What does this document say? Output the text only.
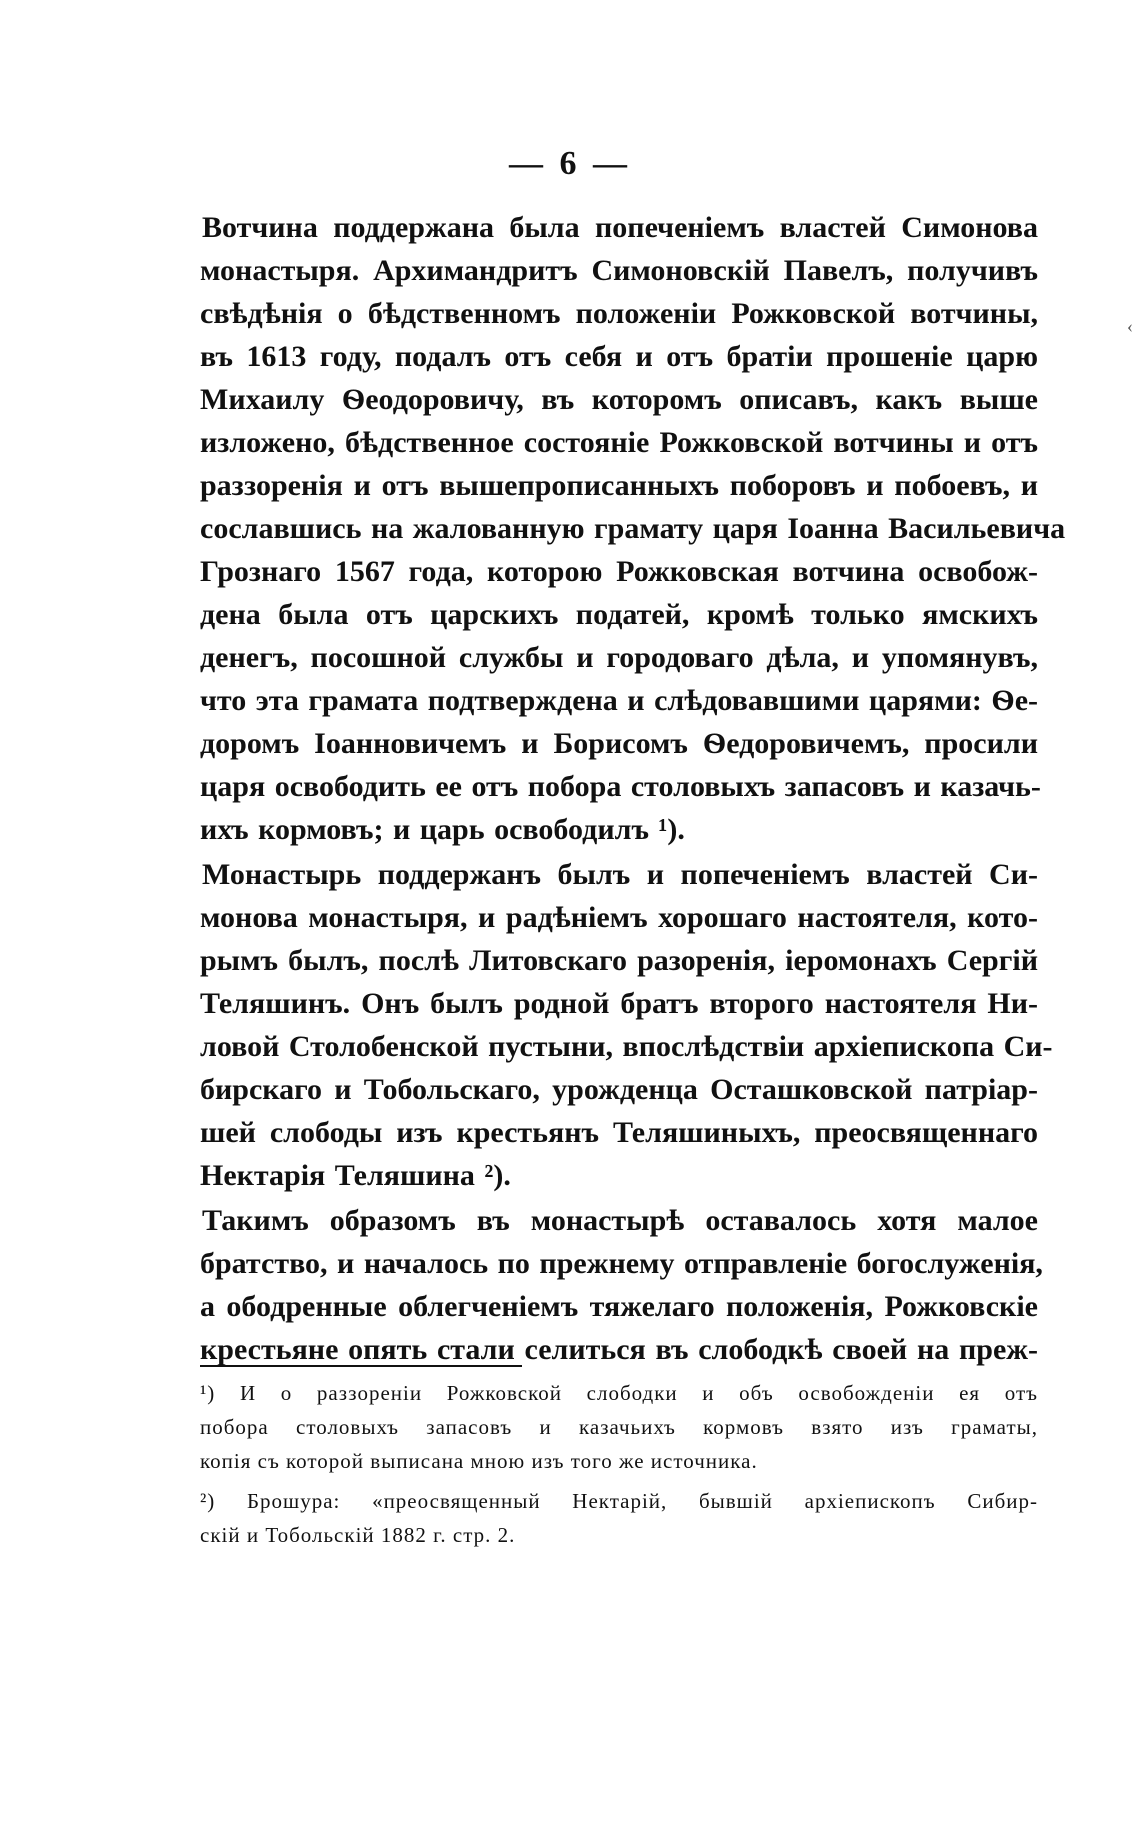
— 6 —
‹
Вотчина поддержана была попеченіемъ властей Симонова
монастыря. Архимандритъ Симоновскій Павелъ, получивъ
свѣдѣнія о бѣдственномъ положеніи Рожковской вотчины,
въ 1613 году, подалъ отъ себя и отъ братіи прошеніе царю
Михаилу Ѳеодоровичу, въ которомъ описавъ, какъ выше
изложено, бѣдственное состояніе Рожковской вотчины и отъ
раззоренія и отъ вышепрописанныхъ поборовъ и побоевъ, и
сославшись на жалованную грамату царя Іоанна Васильевича
Грознаго 1567 года, которою Рожковская вотчина освобож-
дена была отъ царскихъ податей, кромѣ только ямскихъ
денегъ, посошной службы и городоваго дѣла, и упомянувъ,
что эта грамата подтверждена и слѣдовавшими царями: Ѳе-
доромъ Іоанновичемъ и Борисомъ Ѳедоровичемъ, просили
царя освободить ее отъ побора столовыхъ запасовъ и казачь-
ихъ кормовъ; и царь освободилъ ¹).
Монастырь поддержанъ былъ и попеченіемъ властей Си-
монова монастыря, и радѣніемъ хорошаго настоятеля, кото-
рымъ былъ, послѣ Литовскаго разоренія, іеромонахъ Сергій
Теляшинъ. Онъ былъ родной братъ второго настоятеля Ни-
ловой Столобенской пустыни, впослѣдствіи архіепископа Си-
бирскаго и Тобольскаго, урожденца Осташковской патріар-
шей слободы изъ крестьянъ Теляшиныхъ, преосвященнаго
Нектарія Теляшина ²).
Такимъ образомъ въ монастырѣ оставалось хотя малое
братство, и началось по прежнему отправленіе богослуженія,
а ободренные облегченіемъ тяжелаго положенія, Рожковскіе
крестьяне опять стали селиться въ слободкѣ своей на преж-
¹) И о раззореніи Рожковской слободки и объ освобожденіи ея отъ
побора столовыхъ запасовъ и казачьихъ кормовъ взято изъ граматы,
копія съ которой выписана мною изъ того же источника.
²) Брошура: «преосвященный Нектарій, бывшій архіепископъ Сибир-
скій и Тобольскій 1882 г. стр. 2.
